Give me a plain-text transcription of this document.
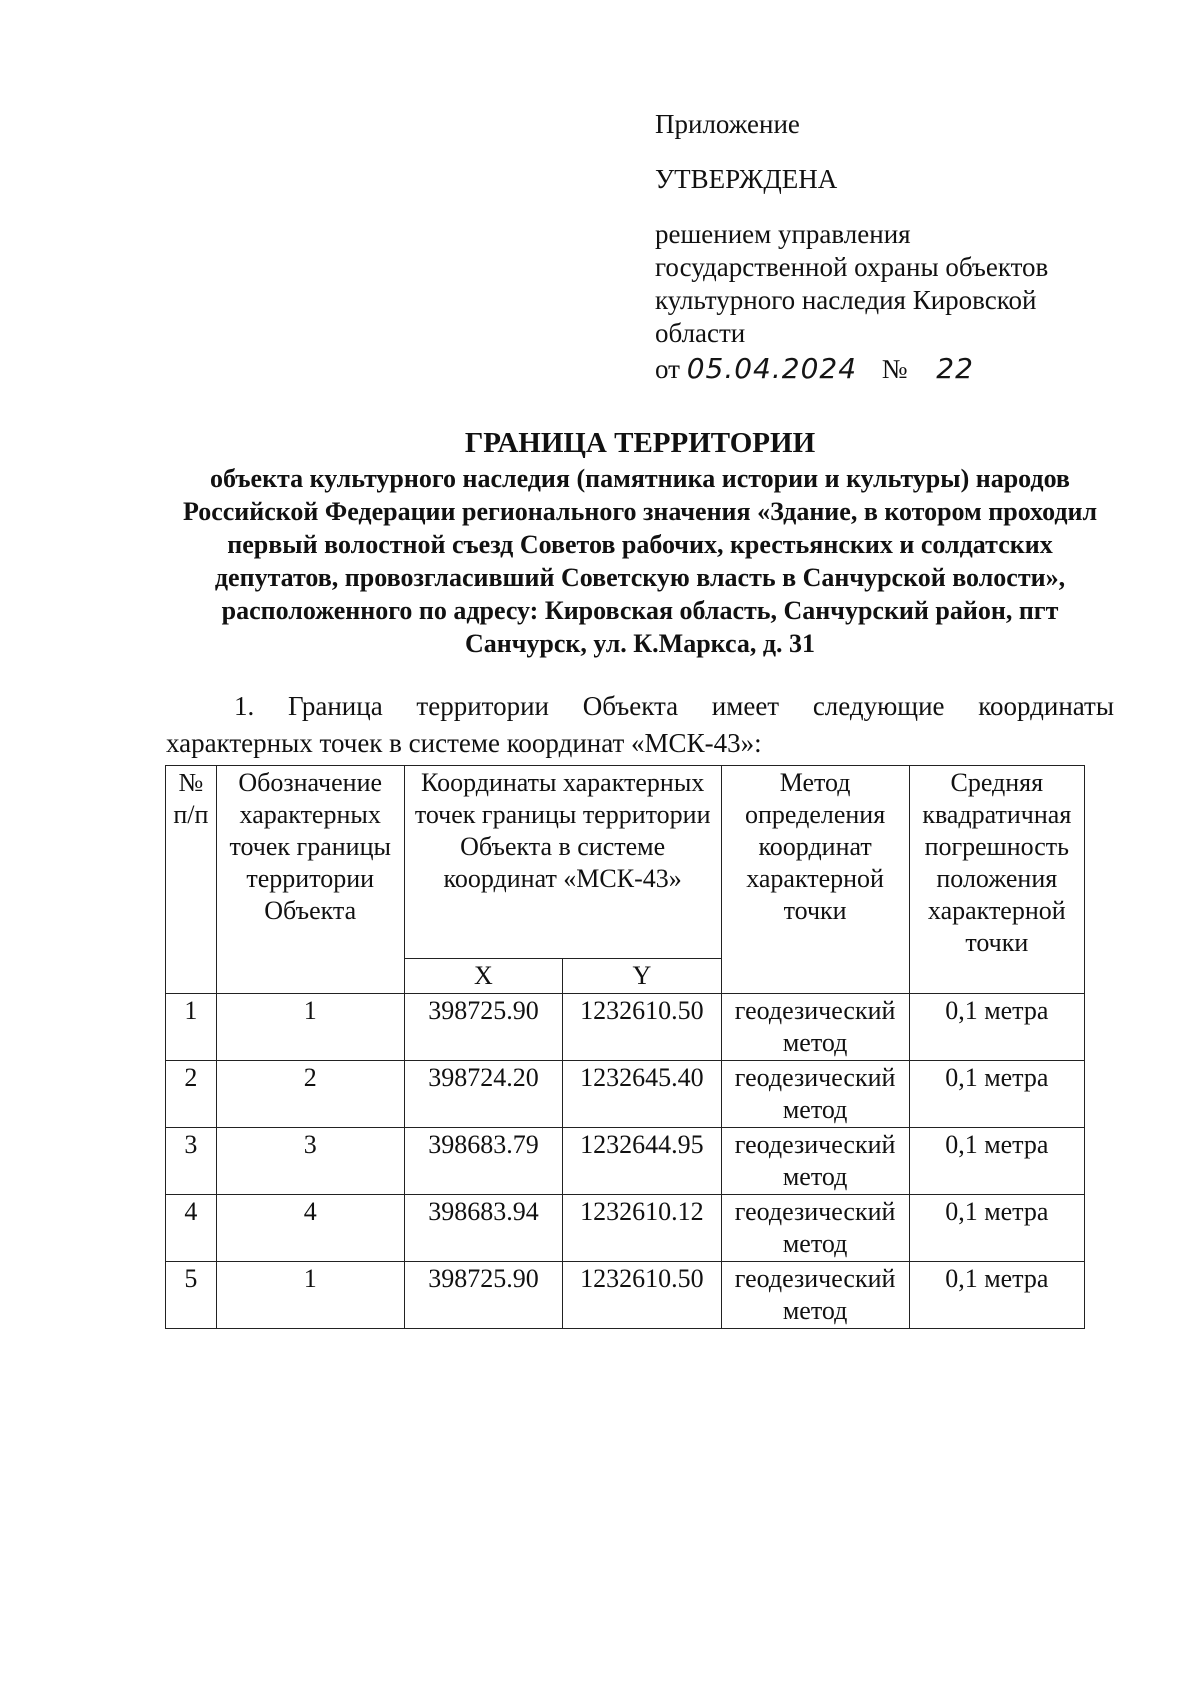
Приложение
УТВЕРЖДЕНА
решением управления
государственной охраны объектов
культурного наследия Кировской
области
от 05.04.2024 № 22
ГРАНИЦА ТЕРРИТОРИИ
объекта культурного наследия (памятника истории и культуры) народов Российской Федерации регионального значения «Здание, в котором проходил первый волостной съезд Советов рабочих, крестьянских и солдатских депутатов, провозгласивший Советскую власть в Санчурской волости», расположенного по адресу: Кировская область, Санчурский район, пгт Санчурск, ул. К.Маркса, д. 31
1. Граница территории Объекта имеет следующие координаты
характерных точек в системе координат «МСК-43»:
№ п/п	Обозначение характерных точек границы территории Объекта	Координаты характерных точек границы территории Объекта в системе координат «МСК-43»		Метод определения координат характерной точки	Средняя квадратичная погрешность положения характерной точки
		X	Y		
1	1	398725.90	1232610.50	геодезический метод	0,1 метра
2	2	398724.20	1232645.40	геодезический метод	0,1 метра
3	3	398683.79	1232644.95	геодезический метод	0,1 метра
4	4	398683.94	1232610.12	геодезический метод	0,1 метра
5	1	398725.90	1232610.50	геодезический метод	0,1 метра
